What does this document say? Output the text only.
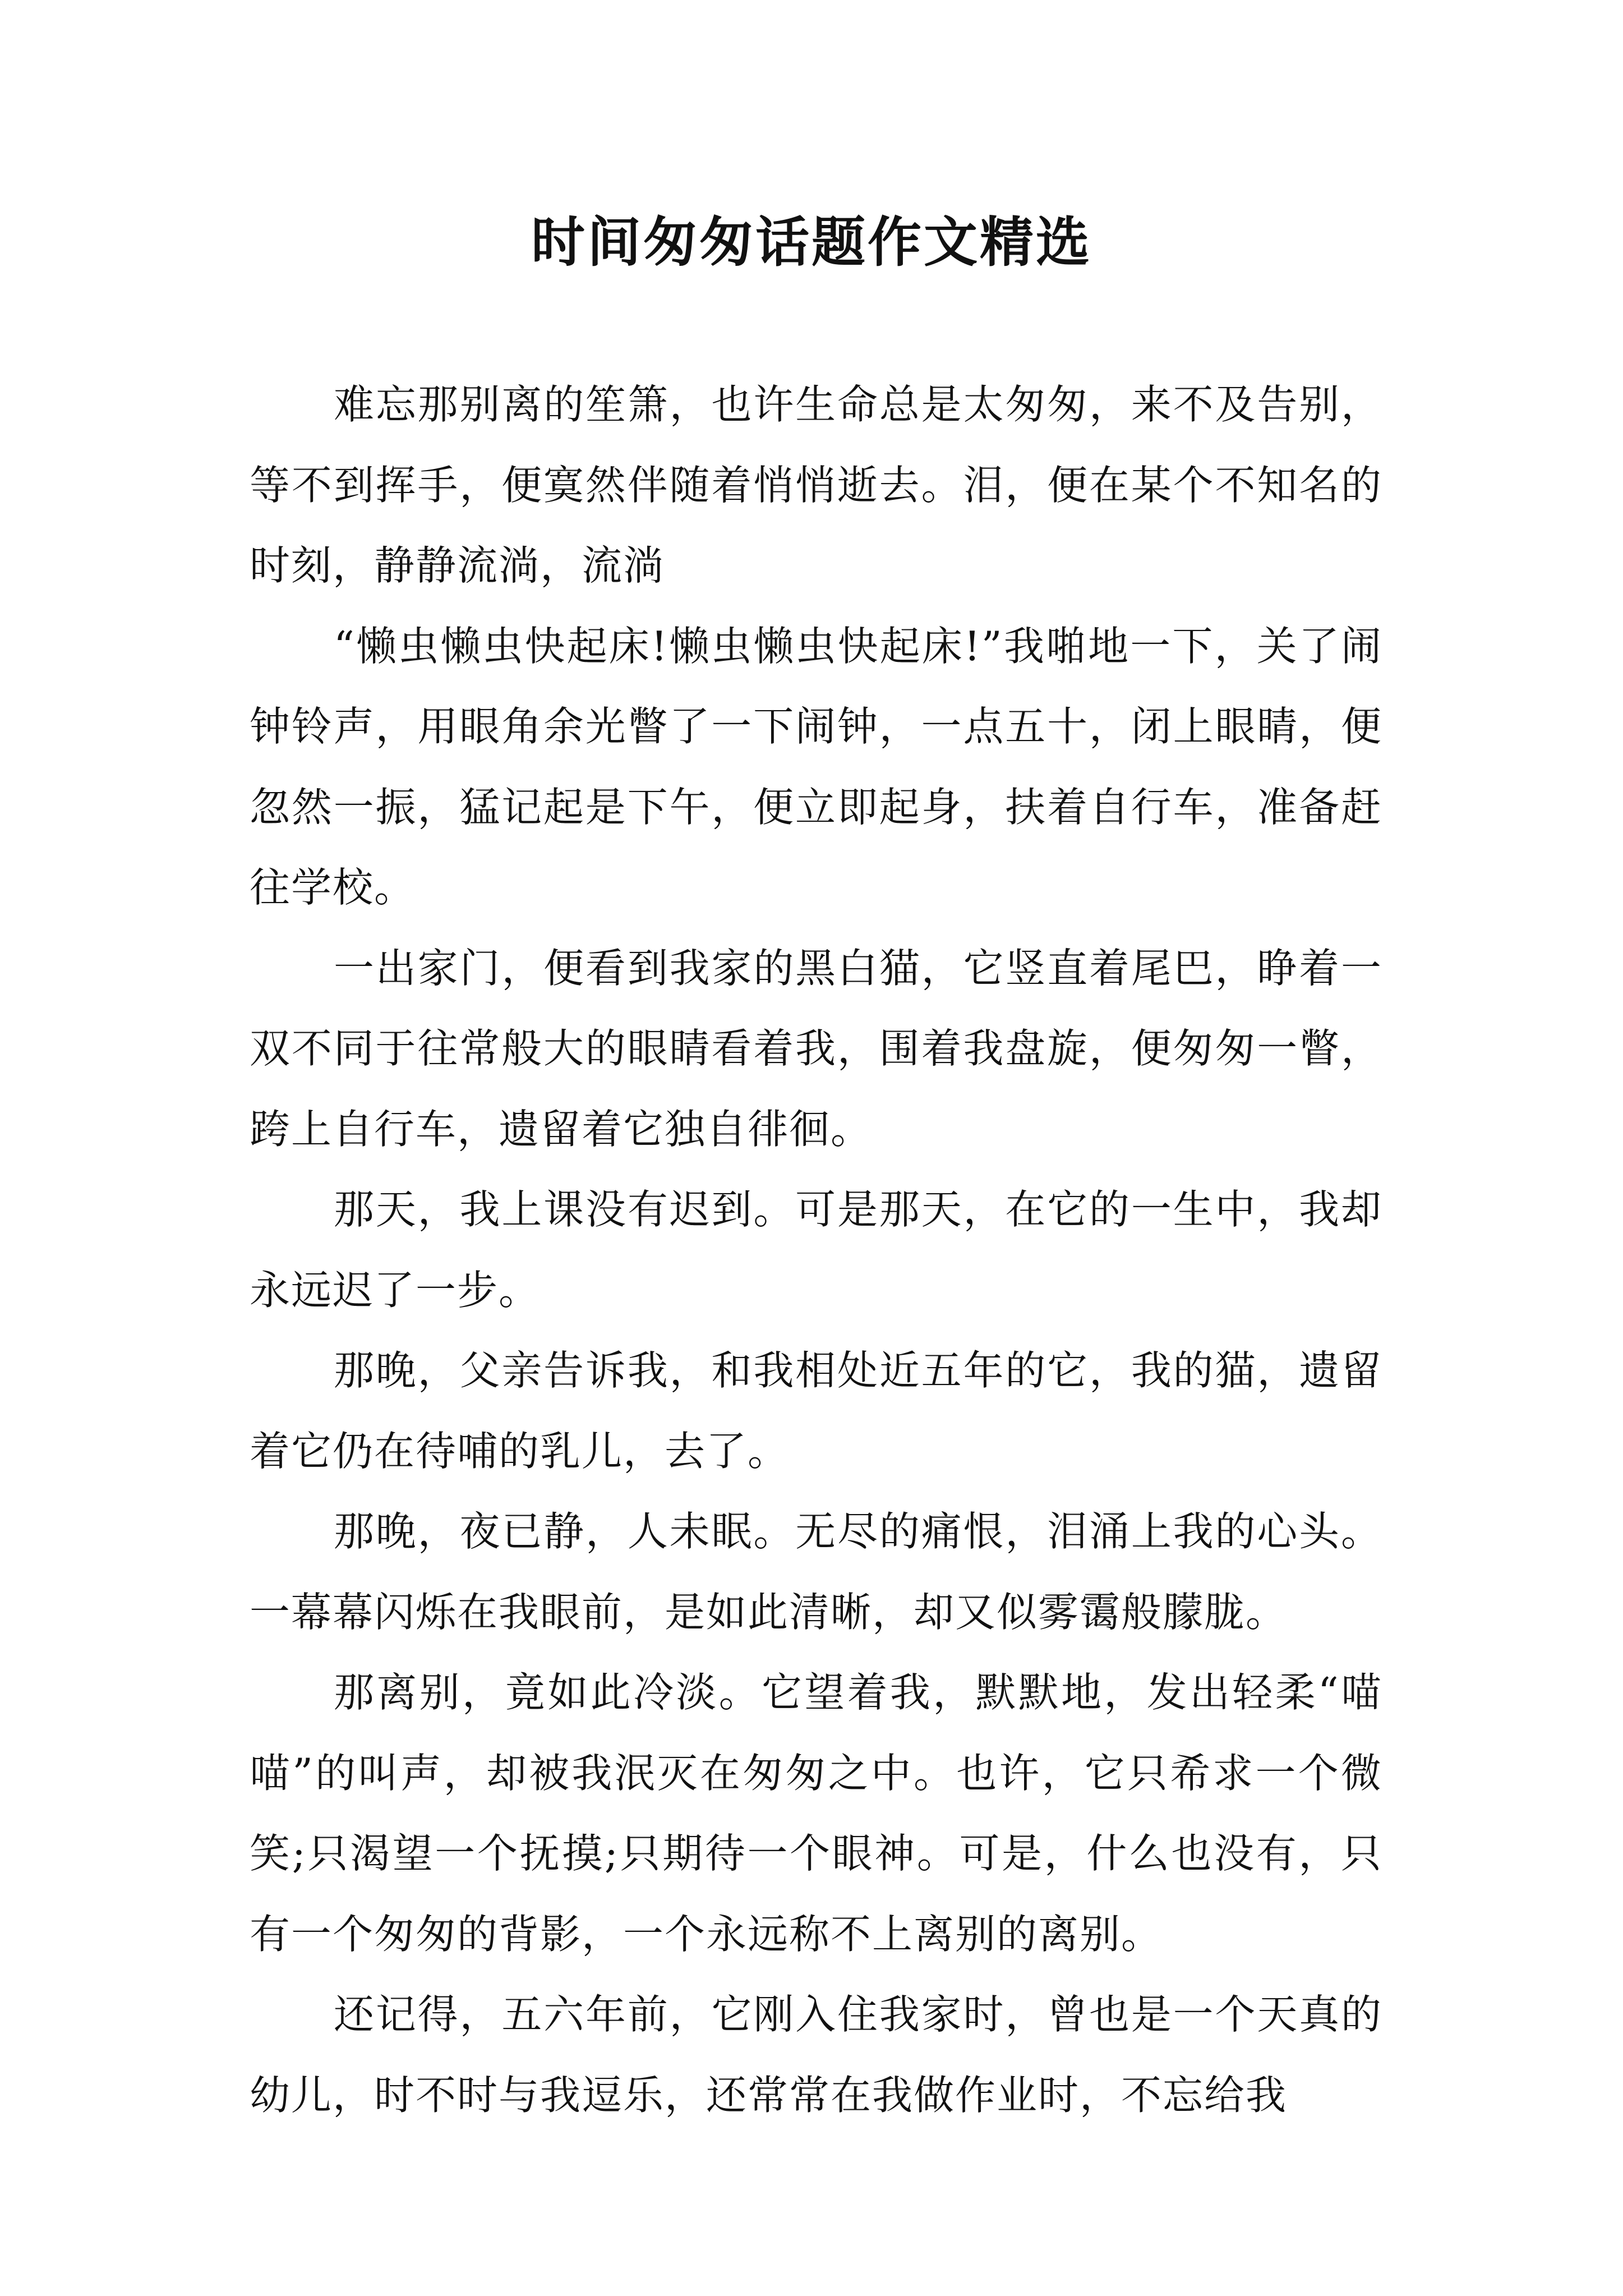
时间匆匆话题作文精选

难忘那别离的笙箫，也许生命总是太匆匆，来不及告别，等不到挥手，便寞然伴随着悄悄逝去。泪，便在某个不知名的时刻，静静流淌，流淌

“懒虫懒虫快起床!懒虫懒虫快起床!”我啪地一下，关了闹钟铃声，用眼角余光瞥了一下闹钟，一点五十，闭上眼睛，便忽然一振，猛记起是下午，便立即起身，扶着自行车，准备赶往学校。

一出家门，便看到我家的黑白猫，它竖直着尾巴，睁着一双不同于往常般大的眼睛看着我，围着我盘旋，便匆匆一瞥，跨上自行车，遗留着它独自徘徊。

那天，我上课没有迟到。可是那天，在它的一生中，我却永远迟了一步。

那晚，父亲告诉我，和我相处近五年的它，我的猫，遗留着它仍在待哺的乳儿，去了。

那晚，夜已静，人未眠。无尽的痛恨，泪涌上我的心头。一幕幕闪烁在我眼前，是如此清晰，却又似雾霭般朦胧。

那离别，竟如此冷淡。它望着我，默默地，发出轻柔“喵喵”的叫声，却被我泯灭在匆匆之中。也许，它只希求一个微笑;只渴望一个抚摸;只期待一个眼神。可是，什么也没有，只有一个匆匆的背影，一个永远称不上离别的离别。

还记得，五六年前，它刚入住我家时，曾也是一个天真的幼儿，时不时与我逗乐，还常常在我做作业时，不忘给我
